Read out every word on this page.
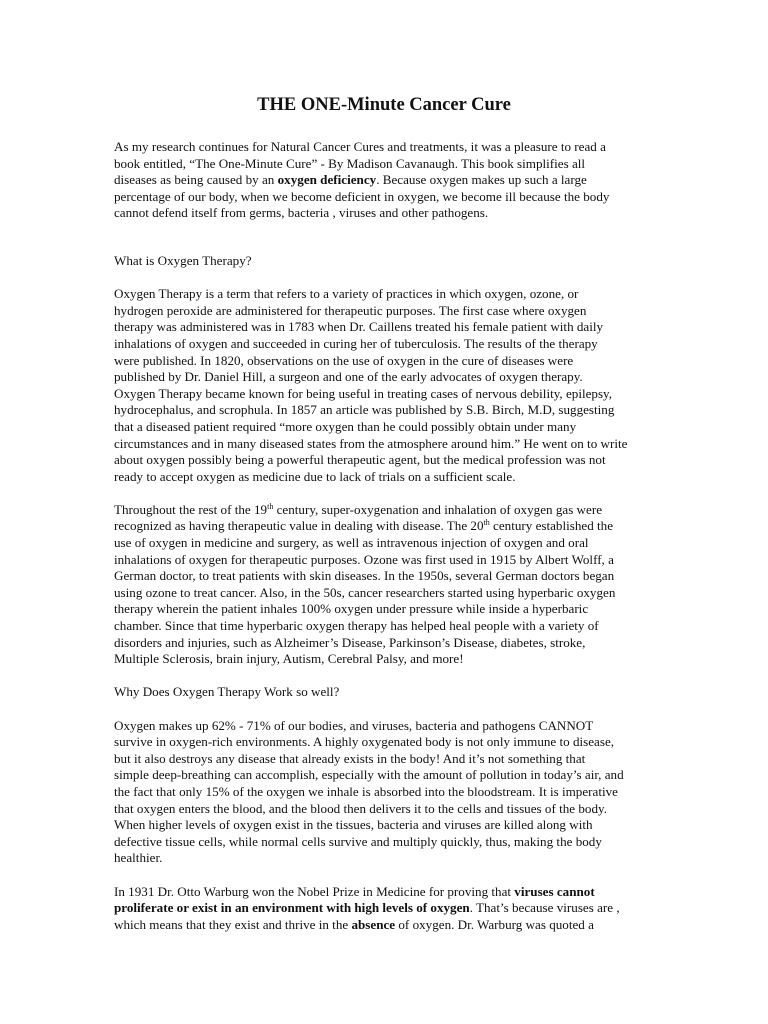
THE ONE-Minute Cancer Cure

As my research continues for Natural Cancer Cures and treatments, it was a pleasure to read a
book entitled, “The One-Minute Cure” - By Madison Cavanaugh. This book simplifies all
diseases as being caused by an oxygen deficiency. Because oxygen makes up such a large
percentage of our body, when we become deficient in oxygen, we become ill because the body
cannot defend itself from germs, bacteria , viruses and other pathogens.

What is Oxygen Therapy?

Oxygen Therapy is a term that refers to a variety of practices in which oxygen, ozone, or
hydrogen peroxide are administered for therapeutic purposes. The first case where oxygen
therapy was administered was in 1783 when Dr. Caillens treated his female patient with daily
inhalations of oxygen and succeeded in curing her of tuberculosis. The results of the therapy
were published. In 1820, observations on the use of oxygen in the cure of diseases were
published by Dr. Daniel Hill, a surgeon and one of the early advocates of oxygen therapy.
Oxygen Therapy became known for being useful in treating cases of nervous debility, epilepsy,
hydrocephalus, and scrophula. In 1857 an article was published by S.B. Birch, M.D, suggesting
that a diseased patient required “more oxygen than he could possibly obtain under many
circumstances and in many diseased states from the atmosphere around him.” He went on to write
about oxygen possibly being a powerful therapeutic agent, but the medical profession was not
ready to accept oxygen as medicine due to lack of trials on a sufficient scale.

Throughout the rest of the 19th century, super-oxygenation and inhalation of oxygen gas were
recognized as having therapeutic value in dealing with disease. The 20th century established the
use of oxygen in medicine and surgery, as well as intravenous injection of oxygen and oral
inhalations of oxygen for therapeutic purposes. Ozone was first used in 1915 by Albert Wolff, a
German doctor, to treat patients with skin diseases. In the 1950s, several German doctors began
using ozone to treat cancer. Also, in the 50s, cancer researchers started using hyperbaric oxygen
therapy wherein the patient inhales 100% oxygen under pressure while inside a hyperbaric
chamber. Since that time hyperbaric oxygen therapy has helped heal people with a variety of
disorders and injuries, such as Alzheimer’s Disease, Parkinson’s Disease, diabetes, stroke,
Multiple Sclerosis, brain injury, Autism, Cerebral Palsy, and more!

Why Does Oxygen Therapy Work so well?

Oxygen makes up 62% - 71% of our bodies, and viruses, bacteria and pathogens CANNOT
survive in oxygen-rich environments. A highly oxygenated body is not only immune to disease,
but it also destroys any disease that already exists in the body! And it’s not something that
simple deep-breathing can accomplish, especially with the amount of pollution in today’s air, and
the fact that only 15% of the oxygen we inhale is absorbed into the bloodstream. It is imperative
that oxygen enters the blood, and the blood then delivers it to the cells and tissues of the body.
When higher levels of oxygen exist in the tissues, bacteria and viruses are killed along with
defective tissue cells, while normal cells survive and multiply quickly, thus, making the body
healthier.

In 1931 Dr. Otto Warburg won the Nobel Prize in Medicine for proving that viruses cannot
proliferate or exist in an environment with high levels of oxygen. That’s because viruses are ,
which means that they exist and thrive in the absence of oxygen. Dr. Warburg was quoted a
